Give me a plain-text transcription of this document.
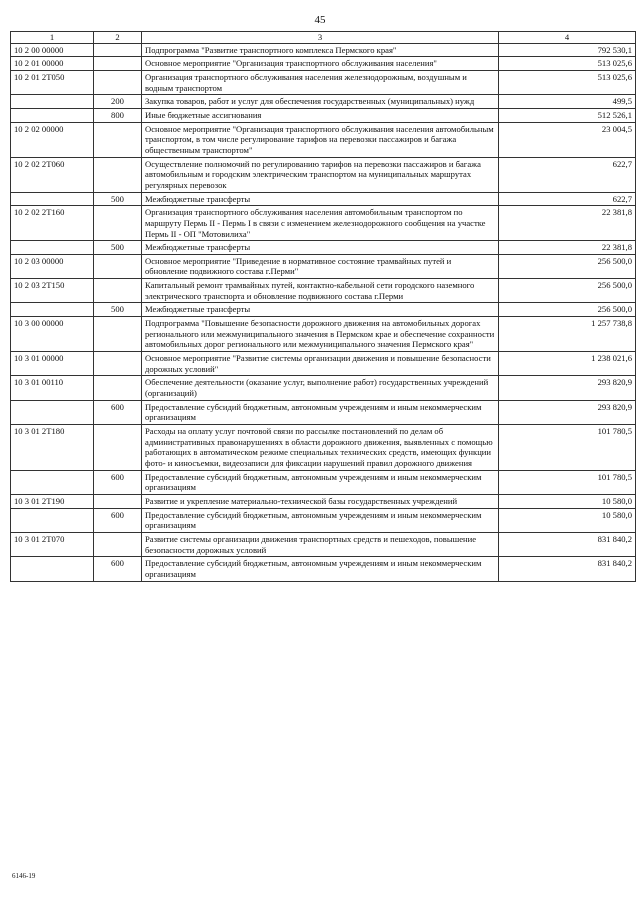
45
1	2	3	4
10 2 00 00000		Подпрограмма "Развитие транспортного комплекса Пермского края"	792 530,1
10 2 01 00000		Основное мероприятие "Организация транспортного обслуживания населения"	513 025,6
10 2 01 2T050		Организация транспортного обслуживания населения железнодорожным, воздушным и водным транспортом	513 025,6
	200	Закупка товаров, работ и услуг для обеспечения государственных (муниципальных) нужд	499,5
	800	Иные бюджетные ассигнования	512 526,1
10 2 02 00000		Основное мероприятие "Организация транспортного обслуживания населения автомобильным транспортом, в том числе регулирование тарифов на перевозки пассажиров и багажа общественным транспортом"	23 004,5
10 2 02 2T060		Осуществление полномочий по регулированию тарифов на перевозки пассажиров и багажа автомобильным и городским электрическим транспортом на муниципальных маршрутах регулярных перевозок	622,7
	500	Межбюджетные трансферты	622,7
10 2 02 2T160		Организация транспортного обслуживания населения автомобильным транспортом по маршруту Пермь II - Пермь I в связи с изменением железнодорожного сообщения на участке Пермь II - ОП "Мотовилиха"	22 381,8
	500	Межбюджетные трансферты	22 381,8
10 2 03 00000		Основное мероприятие "Приведение в нормативное состояние трамвайных путей и обновление подвижного состава г.Перми"	256 500,0
10 2 03 2T150		Капитальный ремонт трамвайных путей, контактно-кабельной сети городского наземного электрического транспорта и обновление подвижного состава г.Перми	256 500,0
	500	Межбюджетные трансферты	256 500,0
10 3 00 00000		Подпрограмма "Повышение безопасности дорожного движения на автомобильных дорогах регионального или межмуниципального значения в Пермском крае и обеспечение сохранности автомобильных дорог регионального или межмуниципального значения Пермского края"	1 257 738,8
10 3 01 00000		Основное мероприятие "Развитие системы организации движения и повышение безопасности дорожных условий"	1 238 021,6
10 3 01 00110		Обеспечение деятельности (оказание услуг, выполнение работ) государственных учреждений (организаций)	293 820,9
	600	Предоставление субсидий бюджетным, автономным учреждениям и иным некоммерческим организациям	293 820,9
10 3 01 2T180		Расходы на оплату услуг почтовой связи по рассылке постановлений по делам об административных правонарушениях в области дорожного движения, выявленных с помощью работающих в автоматическом режиме специальных технических средств, имеющих функции фото- и киносъемки, видеозаписи для фиксации нарушений правил дорожного движения	101 780,5
	600	Предоставление субсидий бюджетным, автономным учреждениям и иным некоммерческим организациям	101 780,5
10 3 01 2T190		Развитие и укрепление материально-технической базы государственных учреждений	10 580,0
	600	Предоставление субсидий бюджетным, автономным учреждениям и иным некоммерческим организациям	10 580,0
10 3 01 2T070		Развитие системы организации движения транспортных средств и пешеходов, повышение безопасности дорожных условий	831 840,2
	600	Предоставление субсидий бюджетным, автономным учреждениям и иным некоммерческим организациям	831 840,2
6146-19
